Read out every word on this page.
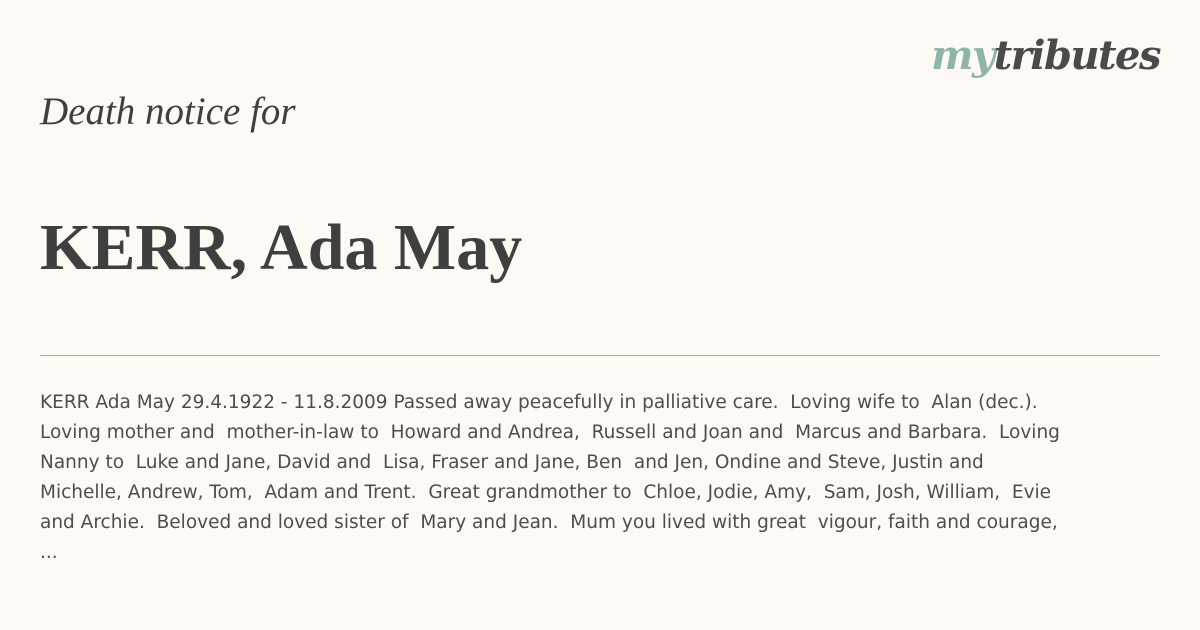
mytributes
Death notice for
KERR, Ada May

KERR Ada May 29.4.1922 - 11.8.2009 Passed away peacefully in palliative care.  Loving wife to  Alan (dec.).
Loving mother and  mother-in-law to  Howard and Andrea,  Russell and Joan and  Marcus and Barbara.  Loving
Nanny to  Luke and Jane, David and  Lisa, Fraser and Jane, Ben  and Jen, Ondine and Steve, Justin and
Michelle, Andrew, Tom,  Adam and Trent.  Great grandmother to  Chloe, Jodie, Amy,  Sam, Josh, William,  Evie
and Archie.  Beloved and loved sister of  Mary and Jean.  Mum you lived with great  vigour, faith and courage,
...
